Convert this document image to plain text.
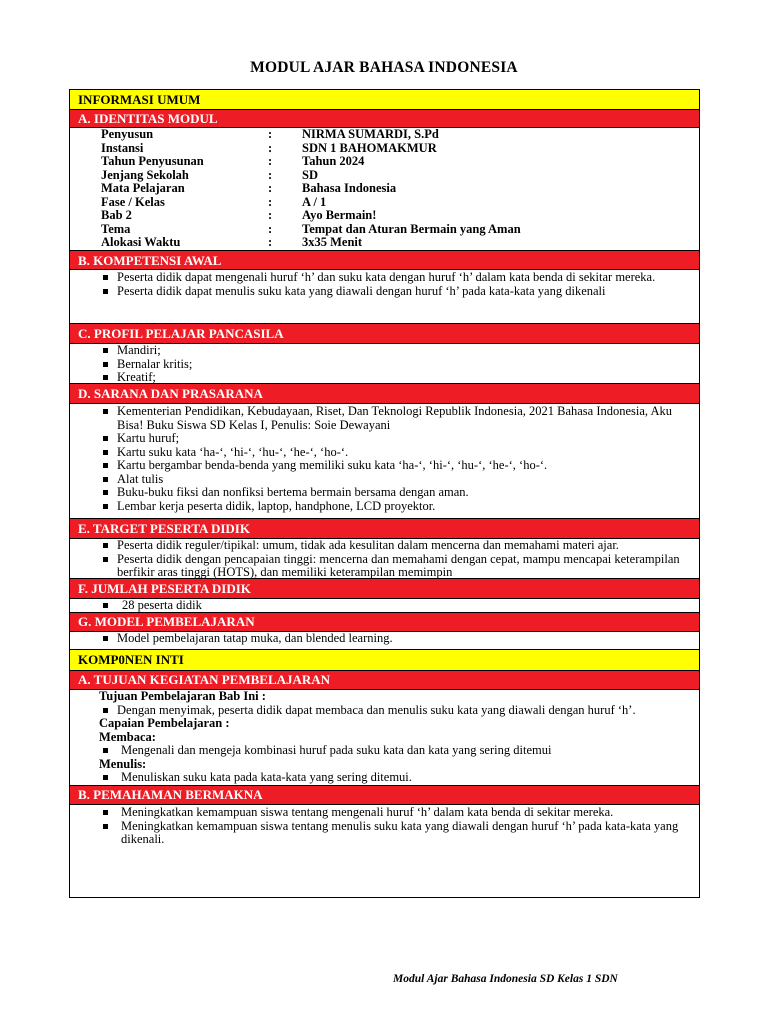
MODUL AJAR BAHASA INDONESIA
INFORMASI UMUM
A. IDENTITAS MODUL
Penyusun	: NIRMA SUMARDI, S.Pd
Instansi	: SDN 1 BAHOMAKMUR
Tahun Penyusunan	: Tahun 2024
Jenjang Sekolah	: SD
Mata Pelajaran	: Bahasa Indonesia
Fase / Kelas	: A / 1
Bab 2	: Ayo Bermain!
Tema	: Tempat dan Aturan Bermain yang Aman
Alokasi Waktu	: 3x35 Menit
B. KOMPETENSI AWAL
Peserta didik dapat mengenali huruf ‘h’ dan suku kata dengan huruf ‘h’ dalam kata benda di sekitar mereka.
Peserta didik dapat menulis suku kata yang diawali dengan huruf ‘h’ pada kata-kata yang dikenali
C. PROFIL PELAJAR PANCASILA
Mandiri;
Bernalar kritis;
Kreatif;
D. SARANA DAN PRASARANA
Kementerian Pendidikan, Kebudayaan, Riset, Dan Teknologi Republik Indonesia, 2021 Bahasa Indonesia, Aku Bisa! Buku Siswa SD Kelas I, Penulis: Soie Dewayani
Kartu huruf;
Kartu suku kata ‘ha-‘, ‘hi-‘, ‘hu-‘, ‘he-‘, ‘ho-‘.
Kartu bergambar benda-benda yang memiliki suku kata ‘ha-‘, ‘hi-‘, ‘hu-‘, ‘he-‘, ‘ho-‘.
Alat tulis
Buku-buku fiksi dan nonfiksi bertema bermain bersama dengan aman.
Lembar kerja peserta didik, laptop, handphone, LCD proyektor.
E. TARGET PESERTA DIDIK
Peserta didik reguler/tipikal: umum, tidak ada kesulitan dalam mencerna dan memahami materi ajar.
Peserta didik dengan pencapaian tinggi: mencerna dan memahami dengan cepat, mampu mencapai keterampilan berfikir aras tinggi (HOTS), dan memiliki keterampilan memimpin
F. JUMLAH PESERTA DIDIK
28 peserta didik
G. MODEL PEMBELAJARAN
Model pembelajaran tatap muka, dan blended learning.
KOMP0NEN INTI
A. TUJUAN KEGIATAN PEMBELAJARAN
Tujuan Pembelajaran Bab Ini :
Dengan menyimak, peserta didik dapat membaca dan menulis suku kata yang diawali dengan huruf ‘h’.
Capaian Pembelajaran :
Membaca:
Mengenali dan mengeja kombinasi huruf pada suku kata dan kata yang sering ditemui
Menulis:
Menuliskan suku kata pada kata-kata yang sering ditemui.
B. PEMAHAMAN BERMAKNA
Meningkatkan kemampuan siswa tentang mengenali huruf ‘h’ dalam kata benda di sekitar mereka.
Meningkatkan kemampuan siswa tentang menulis suku kata yang diawali dengan huruf ‘h’ pada kata-kata yang dikenali.
Modul Ajar Bahasa Indonesia SD Kelas 1 SDN
